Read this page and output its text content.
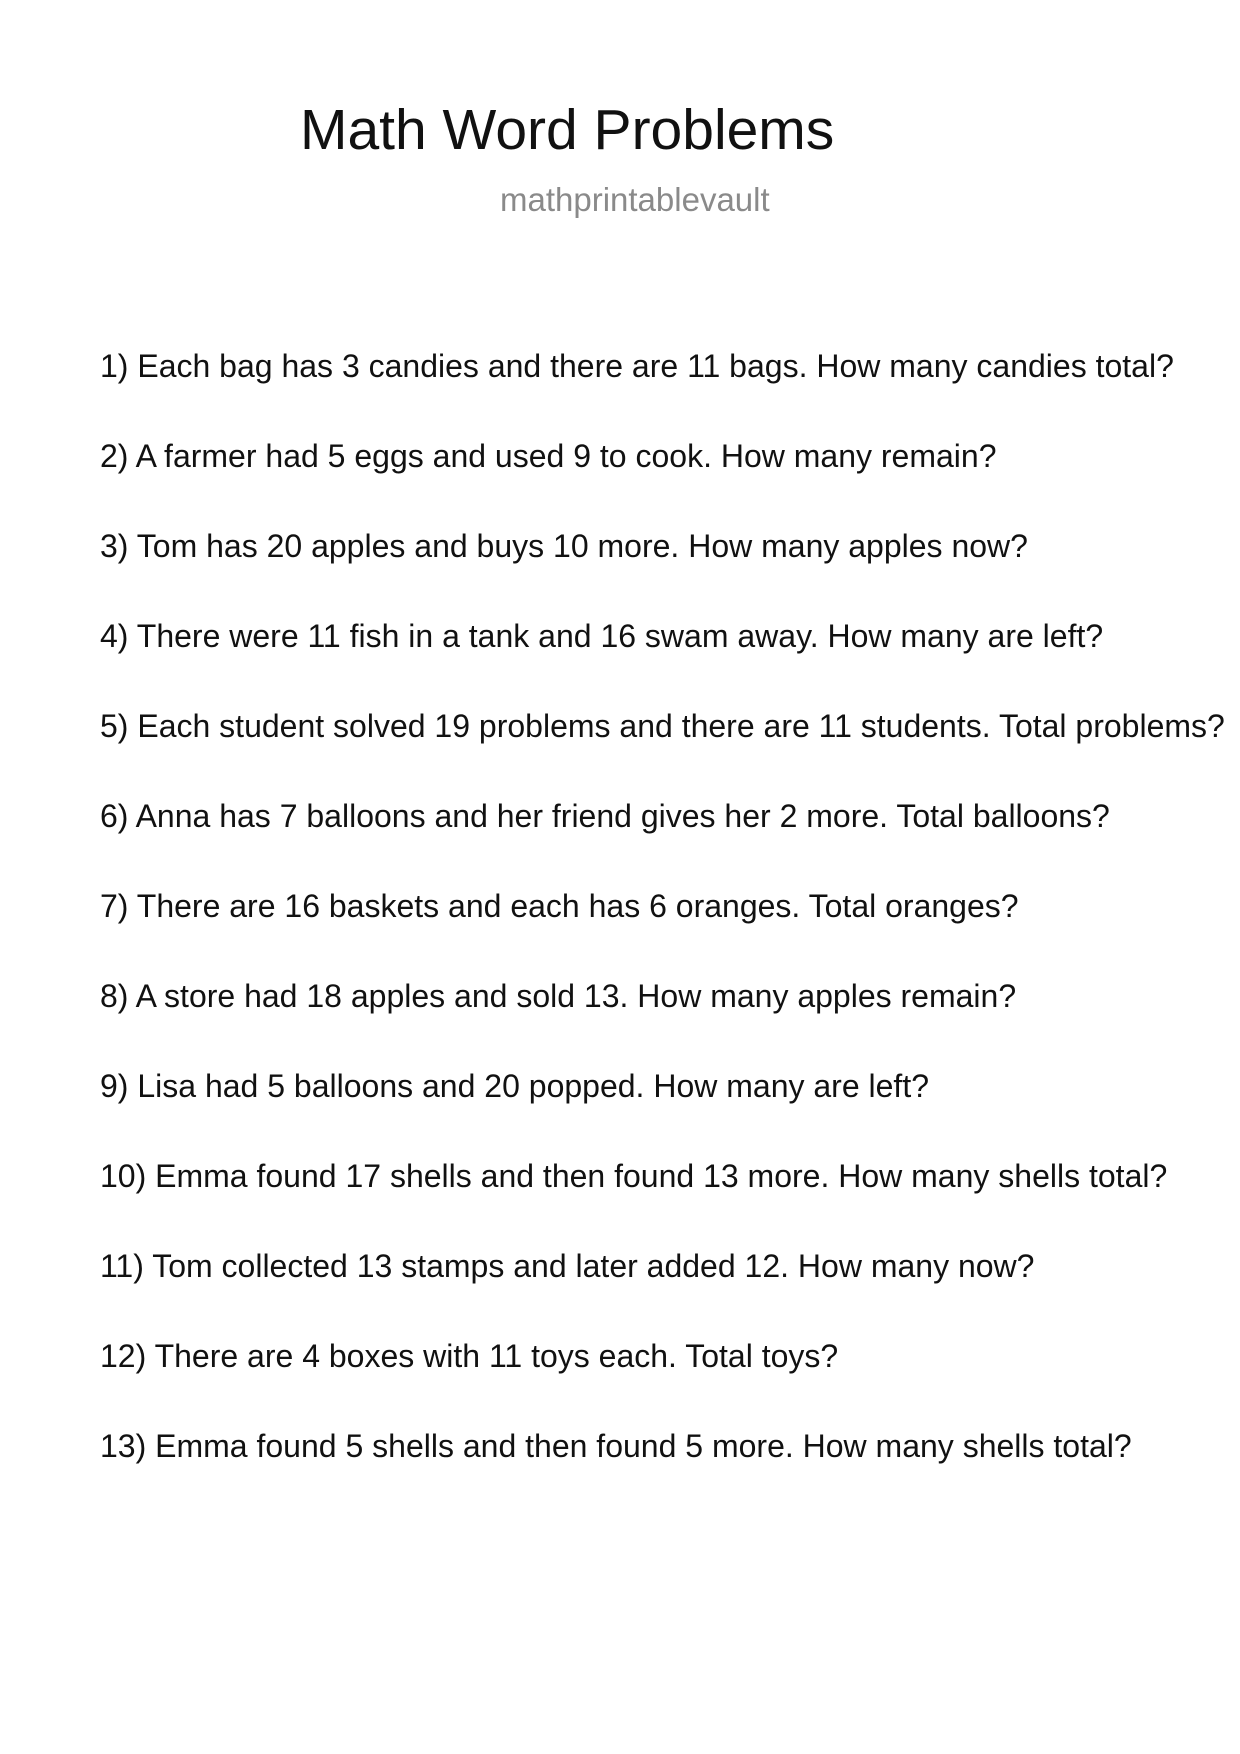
Math Word Problems
mathprintablevault
1) Each bag has 3 candies and there are 11 bags. How many candies total?
2) A farmer had 5 eggs and used 9 to cook. How many remain?
3) Tom has 20 apples and buys 10 more. How many apples now?
4) There were 11 fish in a tank and 16 swam away. How many are left?
5) Each student solved 19 problems and there are 11 students. Total problems?
6) Anna has 7 balloons and her friend gives her 2 more. Total balloons?
7) There are 16 baskets and each has 6 oranges. Total oranges?
8) A store had 18 apples and sold 13. How many apples remain?
9) Lisa had 5 balloons and 20 popped. How many are left?
10) Emma found 17 shells and then found 13 more. How many shells total?
11) Tom collected 13 stamps and later added 12. How many now?
12) There are 4 boxes with 11 toys each. Total toys?
13) Emma found 5 shells and then found 5 more. How many shells total?
